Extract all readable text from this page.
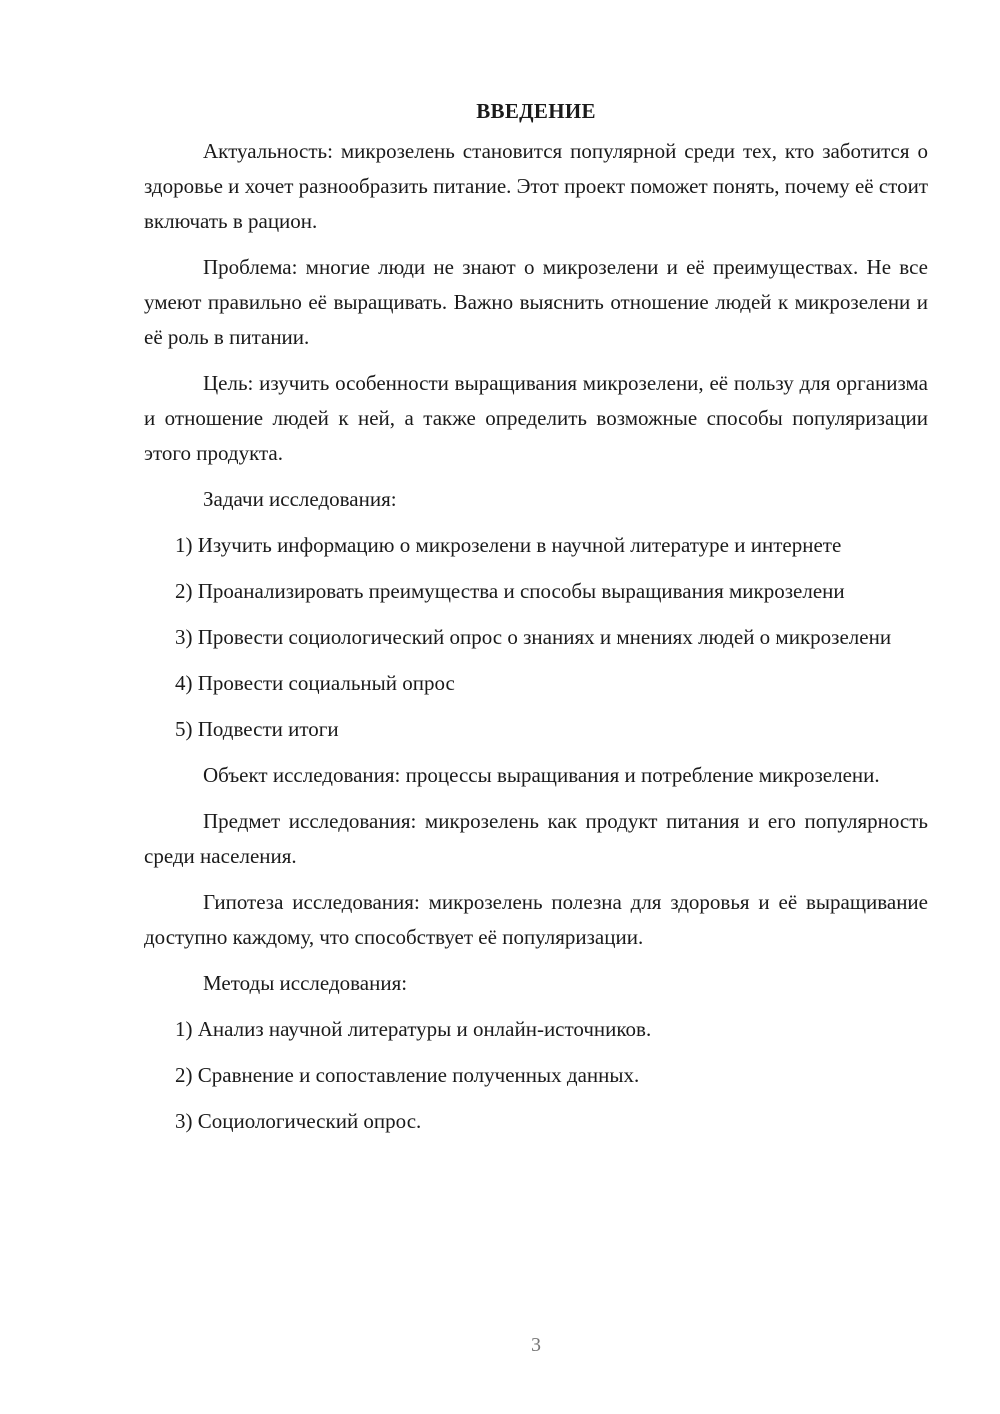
ВВЕДЕНИЕ

Актуальность: микрозелень становится популярной среди тех, кто заботится о здоровье и хочет разнообразить питание. Этот проект поможет понять, почему её стоит включать в рацион.

Проблема: многие люди не знают о микрозелени и её преимуществах. Не все умеют правильно её выращивать. Важно выяснить отношение людей к микрозелени и её роль в питании.

Цель: изучить особенности выращивания микрозелени, её пользу для организма и отношение людей к ней, а также определить возможные способы популяризации этого продукта.

Задачи исследования:

1) Изучить информацию о микрозелени в научной литературе и интернете

2) Проанализировать преимущества и способы выращивания микрозелени

3) Провести социологический опрос о знаниях и мнениях людей о микрозелени

4) Провести социальный опрос

5) Подвести итоги

Объект исследования: процессы выращивания и потребление микрозелени.

Предмет исследования: микрозелень как продукт питания и его популярность среди населения.

Гипотеза исследования: микрозелень полезна для здоровья и её выращивание доступно каждому, что способствует её популяризации.

Методы исследования:

1) Анализ научной литературы и онлайн-источников.

2) Сравнение и сопоставление полученных данных.

3) Социологический опрос.

3
